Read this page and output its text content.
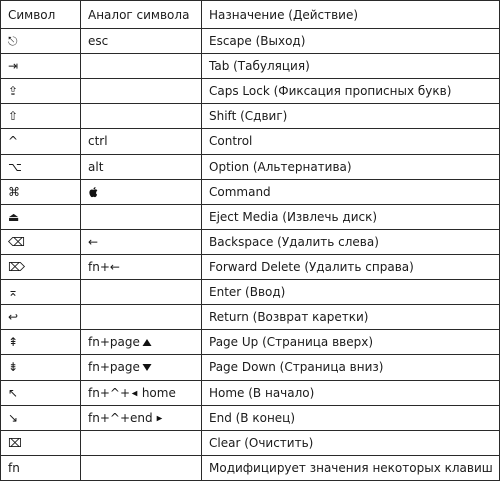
Символ	Аналог символа	Назначение (Действие)
⎋	esc	Escape (Выход)
⇥		Tab (Табуляция)
⇪		Caps Lock (Фиксация прописных букв)
⇧		Shift (Сдвиг)
^	ctrl	Control
⌥	alt	Option (Альтернатива)
⌘		Command
⏏		Eject Media (Извлечь диск)
⌫	←	Backspace (Удалить слева)
⌦	fn+←	Forward Delete (Удалить справа)
⌅		Enter (Ввод)
↩		Return (Возврат каретки)
⇞	fn+page	Page Up (Страница вверх)
⇟	fn+page	Page Down (Страница вниз)
↖	fn+^+ home	Home (В начало)
↘	fn+^+end	End (В конец)
⌧		Clear (Очистить)
fn		Модифицирует значения некоторых клавиш
